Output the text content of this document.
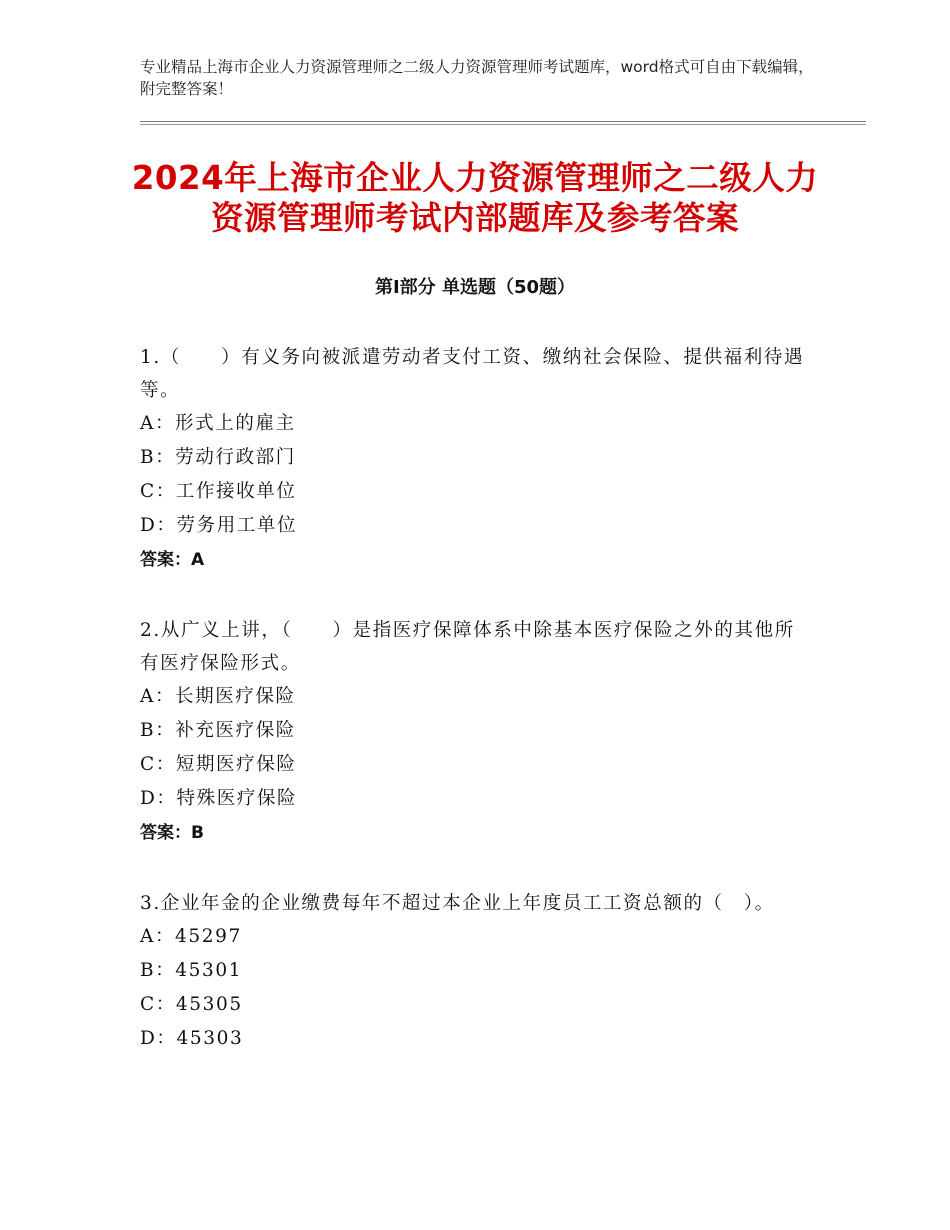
专业精品上海市企业人力资源管理师之二级人力资源管理师考试题库，word格式可自由下载编辑，附完整答案！
2024年上海市企业人力资源管理师之二级人力资源管理师考试内部题库及参考答案
第Ⅰ部分 单选题（50题）

1.（　　）有义务向被派遣劳动者支付工资、缴纳社会保险、提供福利待遇等。

A：形式上的雇主

B：劳动行政部门

C：工作接收单位

D：劳务用工单位

答案：A

2.从广义上讲，（　　）是指医疗保障体系中除基本医疗保险之外的其他所有医疗保险形式。

A：长期医疗保险

B：补充医疗保险

C：短期医疗保险

D：特殊医疗保险

答案：B

3.企业年金的企业缴费每年不超过本企业上年度员工工资总额的（　）。

A：45297

B：45301

C：45305

D：45303
